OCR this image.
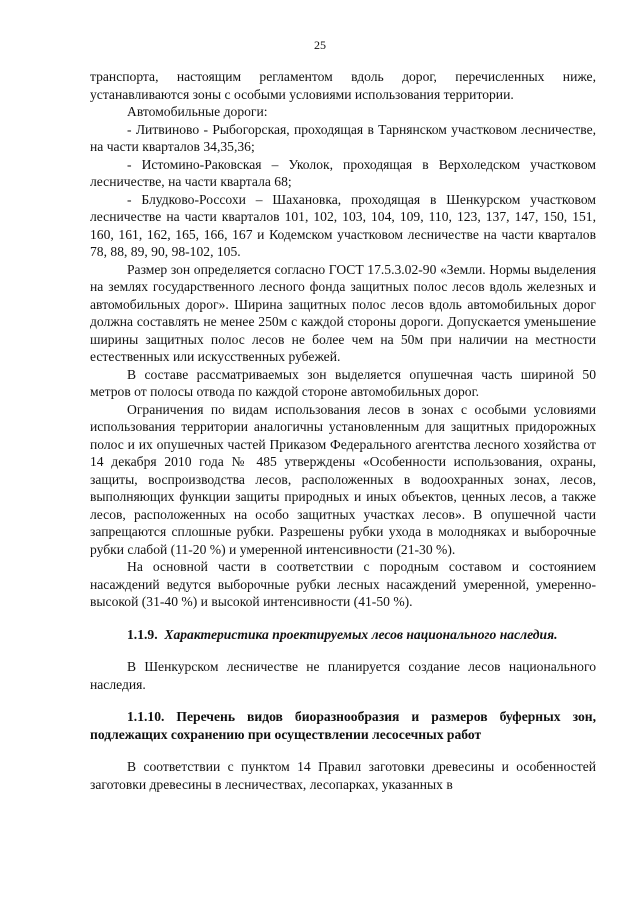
25

транспорта, настоящим регламентом вдоль дорог, перечисленных ниже, устанавливаются зоны с особыми условиями использования территории.

Автомобильные дороги:

- Литвиново - Рыбогорская, проходящая в Тарнянском участковом лесничестве, на части кварталов 34,35,36;

- Истомино-Раковская – Уколок, проходящая в Верхоледском участковом лесничестве, на части квартала 68;

- Блудково-Россохи – Шахановка, проходящая в Шенкурском участковом лесничестве на части кварталов 101, 102, 103, 104, 109, 110, 123, 137, 147, 150, 151, 160, 161, 162, 165, 166, 167 и Кодемском участковом лесничестве на части кварталов 78, 88, 89, 90, 98-102, 105.

Размер зон определяется согласно ГОСТ 17.5.3.02-90 «Земли. Нормы выделения на землях государственного лесного фонда защитных полос лесов вдоль железных и автомобильных дорог». Ширина защитных полос лесов вдоль автомобильных дорог должна составлять не менее 250м с каждой стороны дороги. Допускается уменьшение ширины защитных полос лесов не более чем на 50м при наличии на местности естественных или искусственных рубежей.

В составе рассматриваемых зон выделяется опушечная часть шириной 50 метров от полосы отвода по каждой стороне автомобильных дорог.

Ограничения по видам использования лесов в зонах с особыми условиями использования территории аналогичны установленным для защитных придорожных полос и их опушечных частей Приказом Федерального агентства лесного хозяйства от 14 декабря 2010 года № 485 утверждены «Особенности использования, охраны, защиты, воспроизводства лесов, расположенных в водоохранных зонах, лесов, выполняющих функции защиты природных и иных объектов, ценных лесов, а также лесов, расположенных на особо защитных участках лесов». В опушечной части запрещаются сплошные рубки. Разрешены рубки ухода в молодняках и выборочные рубки слабой (11-20 %) и умеренной интенсивности (21-30 %).

На основной части в соответствии с породным составом и состоянием насаждений ведутся выборочные рубки лесных насаждений умеренной, умеренно-высокой (31-40 %) и высокой интенсивности (41-50 %).

1.1.9. Характеристика проектируемых лесов национального наследия.

В Шенкурском лесничестве не планируется создание лесов национального наследия.

1.1.10. Перечень видов биоразнообразия и размеров буферных зон, подлежащих сохранению при осуществлении лесосечных работ

В соответствии с пунктом 14 Правил заготовки древесины и особенностей заготовки древесины в лесничествах, лесопарках, указанных в
